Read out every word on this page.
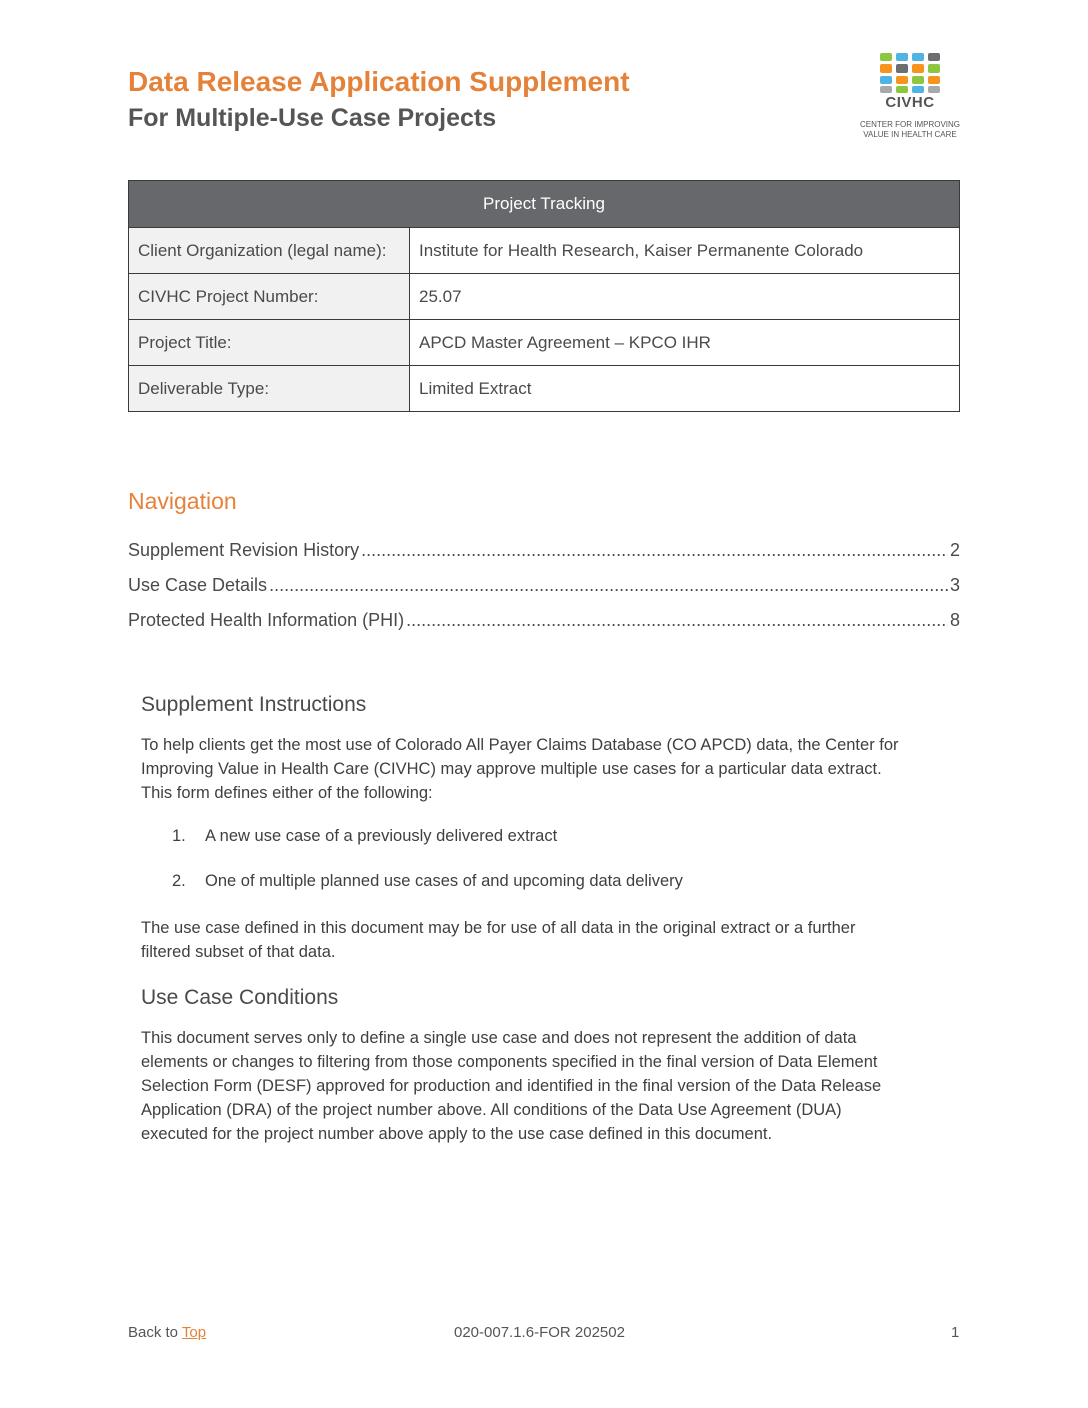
Data Release Application Supplement
For Multiple-Use Case Projects
CIVHC
CENTER FOR IMPROVING
VALUE IN HEALTH CARE
Project Tracking	
Client Organization (legal name):	Institute for Health Research, Kaiser Permanente Colorado
CIVHC Project Number:	25.07
Project Title:	APCD Master Agreement – KPCO IHR
Deliverable Type:	Limited Extract
Navigation
Supplement Revision History .....	2
Use Case Details .....	3
Protected Health Information (PHI) .....	8
Supplement Instructions

To help clients get the most use of Colorado All Payer Claims Database (CO APCD) data, the Center for

Improving Value in Health Care (CIVHC) may approve multiple use cases for a particular data extract.

This form defines either of the following:

1. A new use case of a previously delivered extract
2. One of multiple planned use cases of and upcoming data delivery

The use case defined in this document may be for use of all data in the original extract or a further

filtered subset of that data.

Use Case Conditions

This document serves only to define a single use case and does not represent the addition of data

elements or changes to filtering from those components specified in the final version of Data Element

Selection Form (DESF) approved for production and identified in the final version of the Data Release

Application (DRA) of the project number above. All conditions of the Data Use Agreement (DUA)

executed for the project number above apply to the use case defined in this document.

Back to Top	020-007.1.6-FOR 202502	1
